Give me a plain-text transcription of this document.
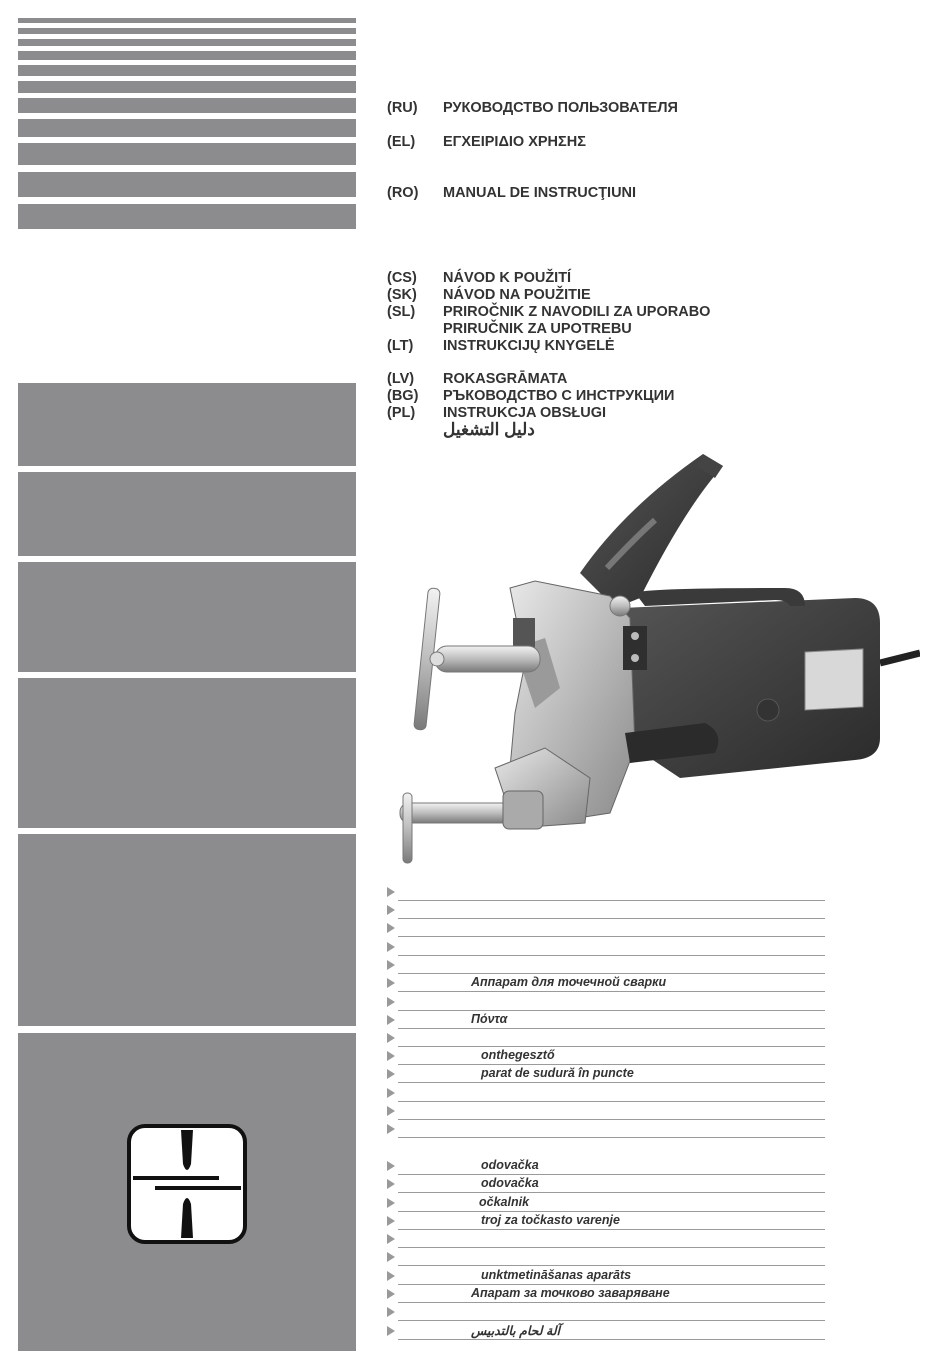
(RU) РУКОВОДСТВО ПОЛЬЗОВАТЕЛЯ
(EL) ΕΓΧΕΙΡΙΔΙΟ ΧΡΗΣΗΣ
(RO) MANUAL DE INSTRUCŢIUNI
(CS) NÁVOD K POUŽITÍ
(SK) NÁVOD NA POUŽITIE
(SL) PRIROČNIK Z NAVODILI ZA UPORABO
PRIRUČNIK ZA UPOTREBU
(LT) INSTRUKCIJŲ KNYGELĖ
(LV) ROKASGRĀMATA
(BG) РЪКОВОДСТВО С ИНСТРУКЦИИ
(PL) INSTRUKCJA OBSŁUGI
دليل التشغيل
Аппарат для точечной сварки
Πόντα
onthegesztő
parat de sudură în puncte
odovačka
odovačka
očkalnik
troj za točkasto varenje
unktmetināšanas aparāts
Апарат за точково заваряване
آلة لحام بالتدبيس
